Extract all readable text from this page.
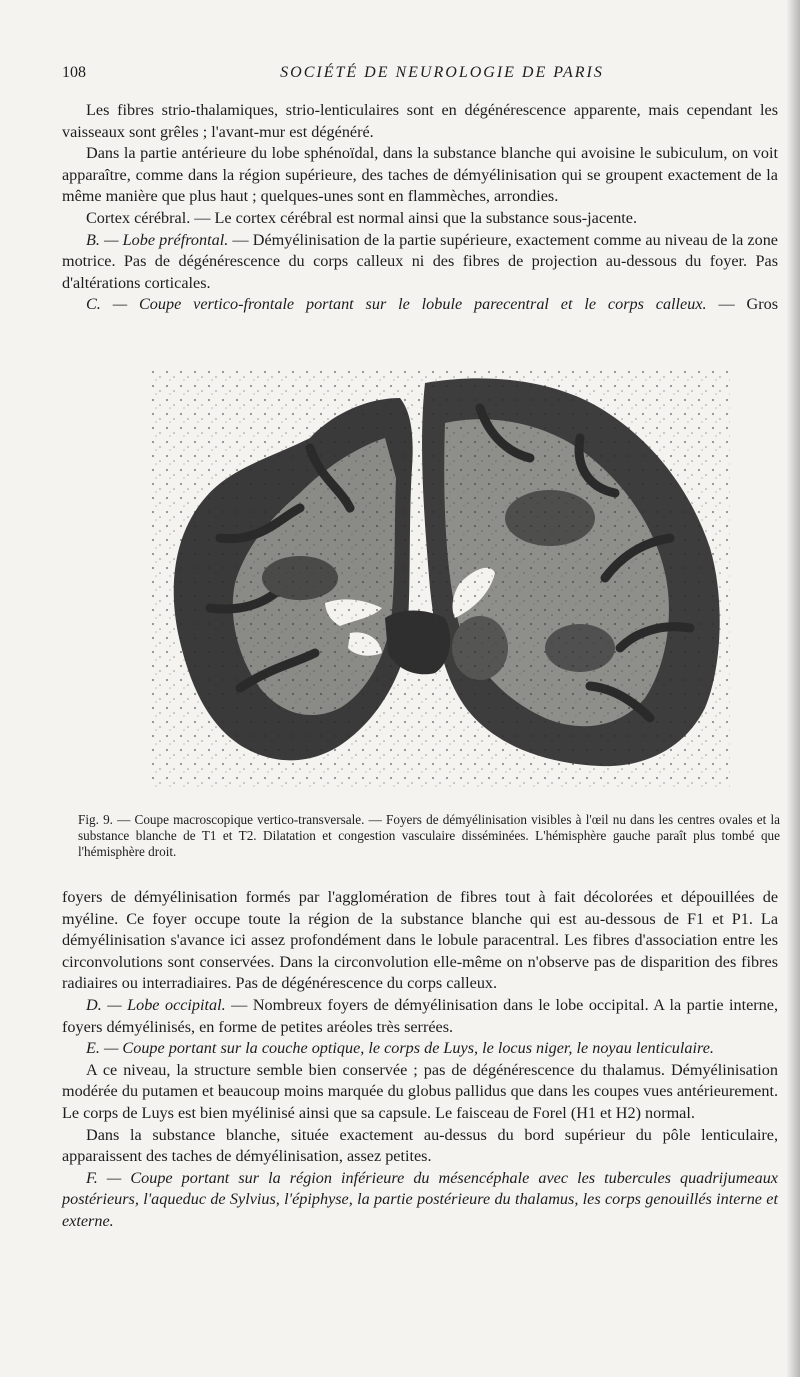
108	SOCIÉTÉ DE NEUROLOGIE DE PARIS

Les fibres strio-thalamiques, strio-lenticulaires sont en dégénérescence apparente, mais cependant les vaisseaux sont grêles ; l'avant-mur est dégénéré.

Dans la partie antérieure du lobe sphénoïdal, dans la substance blanche qui avoisine le subiculum, on voit apparaître, comme dans la région supérieure, des taches de démyélinisation qui se groupent exactement de la même manière que plus haut ; quelques-unes sont en flammèches, arrondies.

Cortex cérébral. — Le cortex cérébral est normal ainsi que la substance sous-jacente.

B. — Lobe préfrontal. — Démyélinisation de la partie supérieure, exactement comme au niveau de la zone motrice. Pas de dégénérescence du corps calleux ni des fibres de projection au-dessous du foyer. Pas d'altérations corticales.

C. — Coupe vertico-frontale portant sur le lobule parecentral et le corps calleux. — Gros

Fig. 9. — Coupe macroscopique vertico-transversale. — Foyers de démyélinisation visibles à l'œil nu dans les centres ovales et la substance blanche de T1 et T2. Dilatation et congestion vasculaire disséminées. L'hémisphère gauche paraît plus tombé que l'hémisphère droit.

foyers de démyélinisation formés par l'agglomération de fibres tout à fait décolorées et dépouillées de myéline. Ce foyer occupe toute la région de la substance blanche qui est au-dessous de F1 et P1. La démyélinisation s'avance ici assez profondément dans le lobule paracentral. Les fibres d'association entre les circonvolutions sont conservées. Dans la circonvolution elle-même on n'observe pas de disparition des fibres radiaires ou interradiaires. Pas de dégénérescence du corps calleux.

D. — Lobe occipital. — Nombreux foyers de démyélinisation dans le lobe occipital. A la partie interne, foyers démyélinisés, en forme de petites aréoles très serrées.

E. — Coupe portant sur la couche optique, le corps de Luys, le locus niger, le noyau lenticulaire.

A ce niveau, la structure semble bien conservée ; pas de dégénérescence du thalamus. Démyélinisation modérée du putamen et beaucoup moins marquée du globus pallidus que dans les coupes vues antérieurement. Le corps de Luys est bien myélinisé ainsi que sa capsule. Le faisceau de Forel (H1 et H2) normal.

Dans la substance blanche, située exactement au-dessus du bord supérieur du pôle lenticulaire, apparaissent des taches de démyélinisation, assez petites.

F. — Coupe portant sur la région inférieure du mésencéphale avec les tubercules quadrijumeaux postérieurs, l'aqueduc de Sylvius, l'épiphyse, la partie postérieure du thalamus, les corps genouillés interne et externe.
